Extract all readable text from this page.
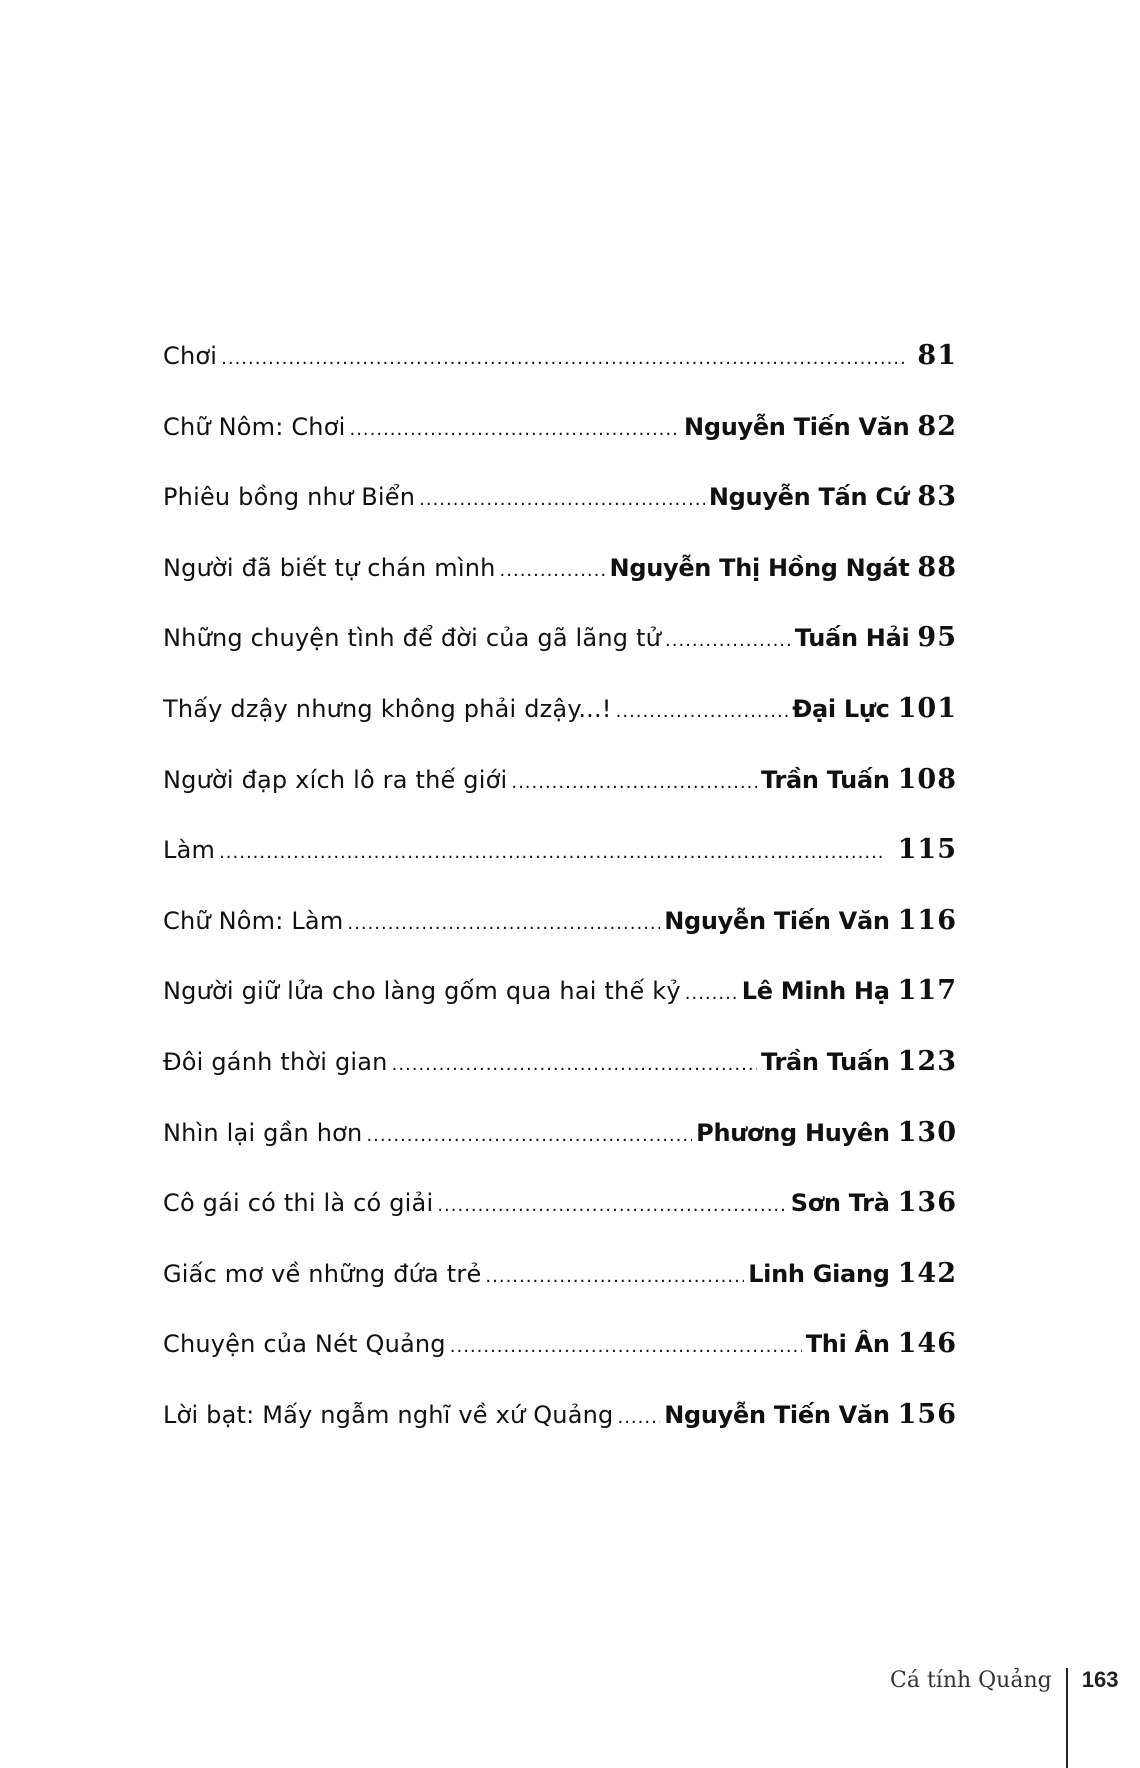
Chơi .....	81
Chữ Nôm: Chơi .....	Nguyễn Tiến Văn 82
Phiêu bồng như Biển .....	Nguyễn Tấn Cứ 83
Người đã biết tự chán mình .....	Nguyễn Thị Hồng Ngát 88
Những chuyện tình để đời của gã lãng tử .....	Tuấn Hải 95
Thấy dzậy nhưng không phải dzậy...! .....	Đại Lực 101
Người đạp xích lô ra thế giới .....	Trần Tuấn 108
Làm .....	115
Chữ Nôm: Làm .....	Nguyễn Tiến Văn 116
Người giữ lửa cho làng gốm qua hai thế kỷ .....	Lê Minh Hạ 117
Đôi gánh thời gian .....	Trần Tuấn 123
Nhìn lại gần hơn .....	Phương Huyên 130
Cô gái có thi là có giải .....	Sơn Trà 136
Giấc mơ về những đứa trẻ .....	Linh Giang 142
Chuyện của Nét Quảng .....	Thi Ân 146
Lời bạt: Mấy ngẫm nghĩ về xứ Quảng ..... Nguyễn Tiến Văn 156
Cá tính Quảng 163
